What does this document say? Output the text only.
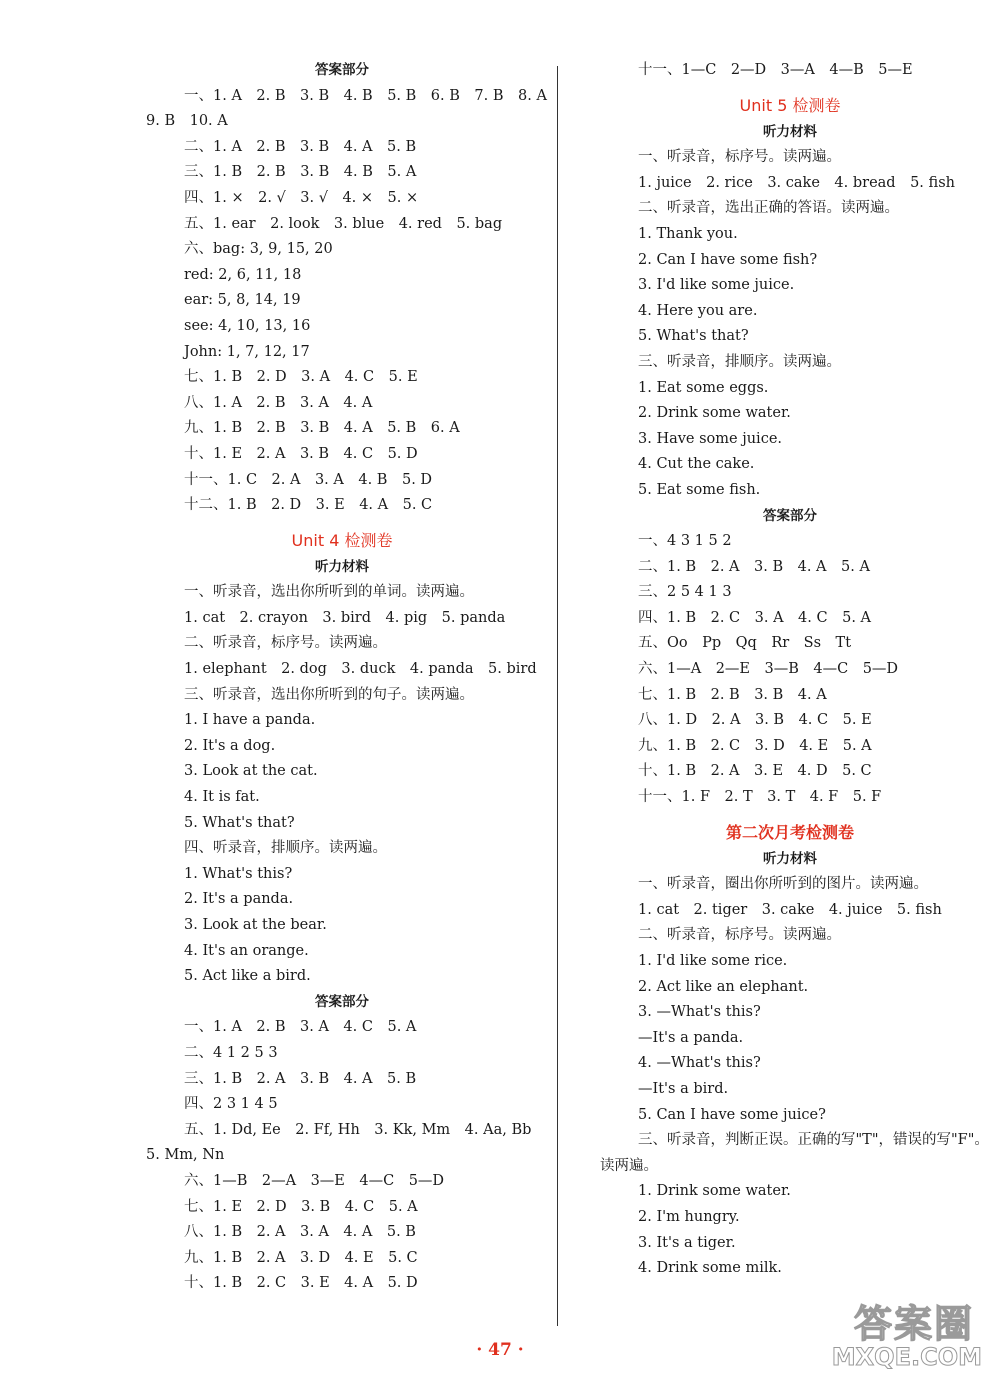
答案部分
一、1. A　2. B　3. B　4. B　5. B　6. B　7. B　8. A
9. B　10. A
二、1. A　2. B　3. B　4. A　5. B
三、1. B　2. B　3. B　4. B　5. A
四、1. ×　2. √　3. √　4. ×　5. ×
五、1. ear　2. look　3. blue　4. red　5. bag
六、bag: 3, 9, 15, 20
red: 2, 6, 11, 18
ear: 5, 8, 14, 19
see: 4, 10, 13, 16
John: 1, 7, 12, 17
七、1. B　2. D　3. A　4. C　5. E
八、1. A　2. B　3. A　4. A
九、1. B　2. B　3. B　4. A　5. B　6. A
十、1. E　2. A　3. B　4. C　5. D
十一、1. C　2. A　3. A　4. B　5. D
十二、1. B　2. D　3. E　4. A　5. C
Unit 4 检测卷
听力材料
一、听录音，选出你所听到的单词。读两遍。
1. cat　2. crayon　3. bird　4. pig　5. panda
二、听录音，标序号。读两遍。
1. elephant　2. dog　3. duck　4. panda　5. bird
三、听录音，选出你所听到的句子。读两遍。
1. I have a panda.
2. It's a dog.
3. Look at the cat.
4. It is fat.
5. What's that?
四、听录音，排顺序。读两遍。
1. What's this?
2. It's a panda.
3. Look at the bear.
4. It's an orange.
5. Act like a bird.
答案部分
一、1. A　2. B　3. A　4. C　5. A
二、4 1 2 5 3
三、1. B　2. A　3. B　4. A　5. B
四、2 3 1 4 5
五、1. Dd, Ee　2. Ff, Hh　3. Kk, Mm　4. Aa, Bb
5. Mm, Nn
六、1—B　2—A　3—E　4—C　5—D
七、1. E　2. D　3. B　4. C　5. A
八、1. B　2. A　3. A　4. A　5. B
九、1. B　2. A　3. D　4. E　5. C
十、1. B　2. C　3. E　4. A　5. D
十一、1—C　2—D　3—A　4—B　5—E
Unit 5 检测卷
听力材料
一、听录音，标序号。读两遍。
1. juice　2. rice　3. cake　4. bread　5. fish
二、听录音，选出正确的答语。读两遍。
1. Thank you.
2. Can I have some fish?
3. I'd like some juice.
4. Here you are.
5. What's that?
三、听录音，排顺序。读两遍。
1. Eat some eggs.
2. Drink some water.
3. Have some juice.
4. Cut the cake.
5. Eat some fish.
答案部分
一、4 3 1 5 2
二、1. B　2. A　3. B　4. A　5. A
三、2 5 4 1 3
四、1. B　2. C　3. A　4. C　5. A
五、Oo　Pp　Qq　Rr　Ss　Tt
六、1—A　2—E　3—B　4—C　5—D
七、1. B　2. B　3. B　4. A
八、1. D　2. A　3. B　4. C　5. E
九、1. B　2. C　3. D　4. E　5. A
十、1. B　2. A　3. E　4. D　5. C
十一、1. F　2. T　3. T　4. F　5. F
第二次月考检测卷
听力材料
一、听录音，圈出你所听到的图片。读两遍。
1. cat　2. tiger　3. cake　4. juice　5. fish
二、听录音，标序号。读两遍。
1. I'd like some rice.
2. Act like an elephant.
3. —What's this?
—It's a panda.
4. —What's this?
—It's a bird.
5. Can I have some juice?
三、听录音，判断正误。正确的写"T"，错误的写"F"。
读两遍。
1. Drink some water.
2. I'm hungry.
3. It's a tiger.
4. Drink some milk.
· 47 ·
答案圈
MXQE.COM
